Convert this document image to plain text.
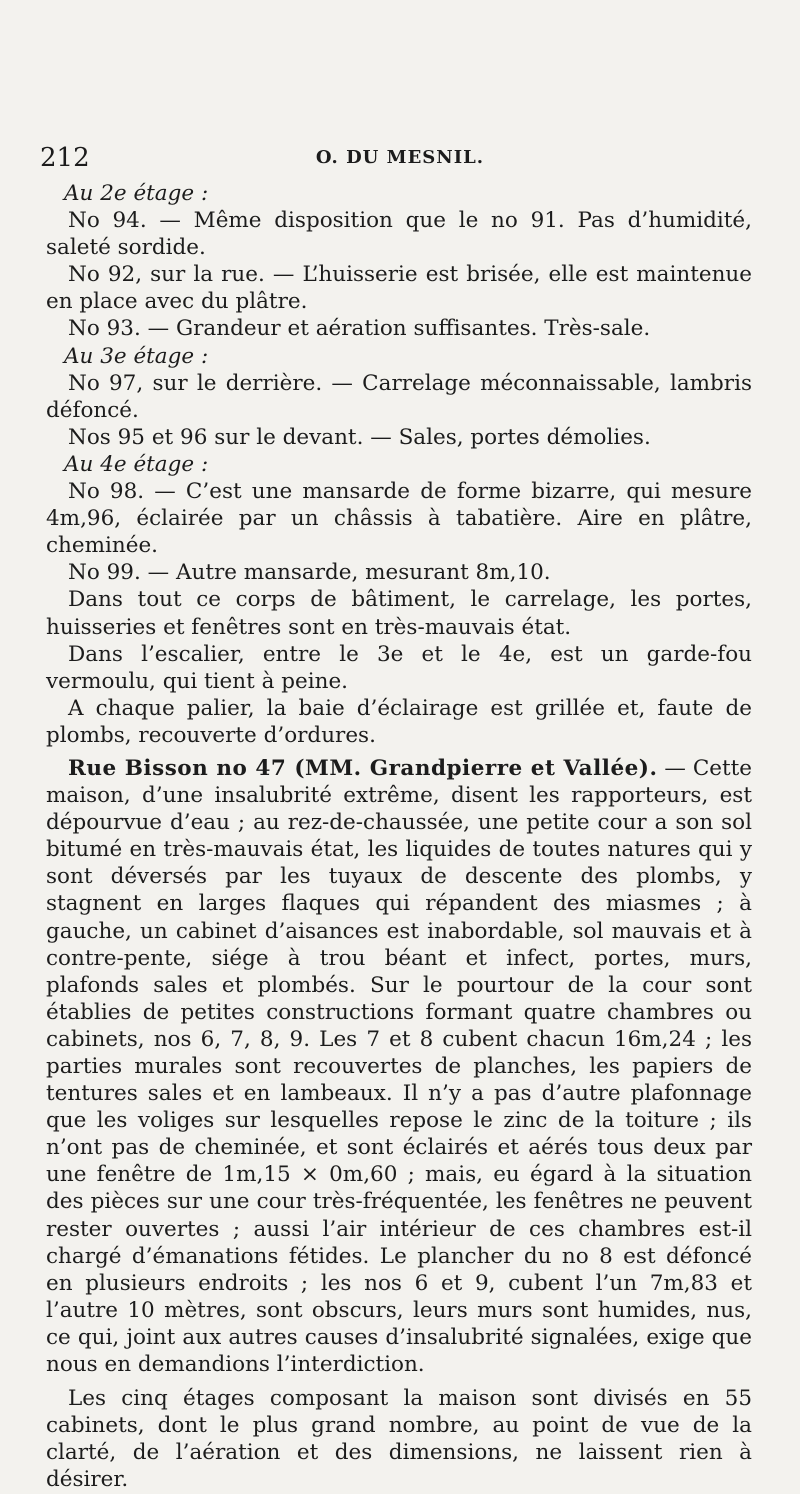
212	O. DU MESNIL.

Au 2e étage :

No 94. — Même disposition que le no 91. Pas d’humidité, saleté sordide.

No 92, sur la rue. — L’huisserie est brisée, elle est maintenue en place avec du plâtre.

No 93. — Grandeur et aération suffisantes. Très-sale.

Au 3e étage :

No 97, sur le derrière. — Carrelage méconnaissable, lambris défoncé.

Nos 95 et 96 sur le devant. — Sales, portes démolies.

Au 4e étage :

No 98. — C’est une mansarde de forme bizarre, qui mesure 4m,96, éclairée par un châssis à tabatière. Aire en plâtre, cheminée.

No 99. — Autre mansarde, mesurant 8m,10.

Dans tout ce corps de bâtiment, le carrelage, les portes, huisseries et fenêtres sont en très-mauvais état.

Dans l’escalier, entre le 3e et le 4e, est un garde-fou vermoulu, qui tient à peine.

A chaque palier, la baie d’éclairage est grillée et, faute de plombs, recouverte d’ordures.

Rue Bisson no 47 (MM. Grandpierre et Vallée). — Cette maison, d’une insalubrité extrême, disent les rapporteurs, est dépourvue d’eau ; au rez-de-chaussée, une petite cour a son sol bitumé en très-mauvais état, les liquides de toutes natures qui y sont déversés par les tuyaux de descente des plombs, y stagnent en larges flaques qui répandent des miasmes ; à gauche, un cabinet d’aisances est inabordable, sol mauvais et à contre-pente, siége à trou béant et infect, portes, murs, plafonds sales et plombés. Sur le pourtour de la cour sont établies de petites constructions formant quatre chambres ou cabinets, nos 6, 7, 8, 9. Les 7 et 8 cubent chacun 16m,24 ; les parties murales sont recouvertes de planches, les papiers de tentures sales et en lambeaux. Il n’y a pas d’autre plafonnage que les voliges sur lesquelles repose le zinc de la toiture ; ils n’ont pas de cheminée, et sont éclairés et aérés tous deux par une fenêtre de 1m,15 × 0m,60 ; mais, eu égard à la situation des pièces sur une cour très-fréquentée, les fenêtres ne peuvent rester ouvertes ; aussi l’air intérieur de ces chambres est-il chargé d’émanations fétides. Le plancher du no 8 est défoncé en plusieurs endroits ; les nos 6 et 9, cubent l’un 7m,83 et l’autre 10 mètres, sont obscurs, leurs murs sont humides, nus, ce qui, joint aux autres causes d’insalubrité signalées, exige que nous en demandions l’interdiction.

Les cinq étages composant la maison sont divisés en 55 cabinets, dont le plus grand nombre, au point de vue de la clarté, de l’aération et des dimensions, ne laissent rien à désirer.
